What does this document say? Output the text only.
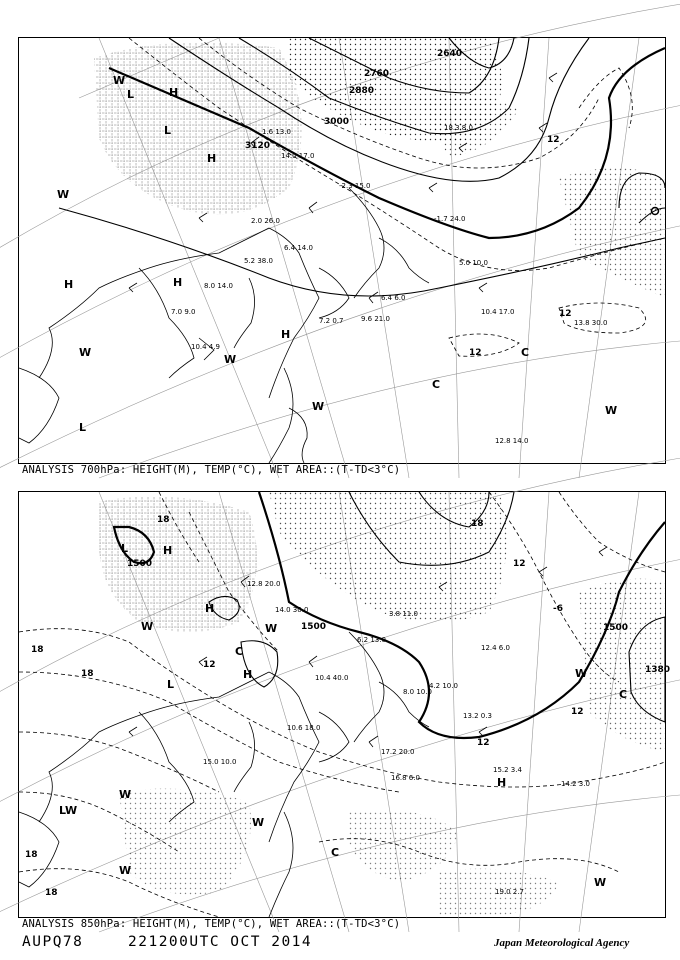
3000
3120
2880
2760
2640
H
H
H	H
H
L
L
L
C
C
12
12
12
W
W
W
W
W	W
1.6 13.0
14.0 17.0
-2.3 15.0
2.0 26.0
6.4 14.0
5.2 38.0
8.0 14.0
7.0 9.0
10.4 4.9
-1.7 24.0
5.0 10.0
10.4 17.0
9.6 21.0
6.4 6.0
13.8 30.0
12.8 14.0
7.2 0.7
18.3 8.0
ANALYSIS 700hPa: HEIGHT(M), TEMP(°C), WET AREA::(T-TD<3°C)
1500
1500	1500
1380
H
H
H
H
L
L
L
C
C
C
18
18
18
18
18
18
12
12
12
12
-6
W	W
W
W
W
W
W
W
12.8 20.0
14.0 30.0
10.4 40.0
15.0 10.0
6.2 13.0
3.8 11.0
8.0 10.0
4.2 10.0
13.2 0.3
17.2 20.0
16.8 6.0
15.2 3.4
14.2 3.0
19.0 2.7
12.4 6.0
10.6 18.0
ANALYSIS 850hPa: HEIGHT(M), TEMP(°C), WET AREA::(T-TD<3°C)
AUPQ78	221200UTC OCT 2014	Japan Meteorological Agency
